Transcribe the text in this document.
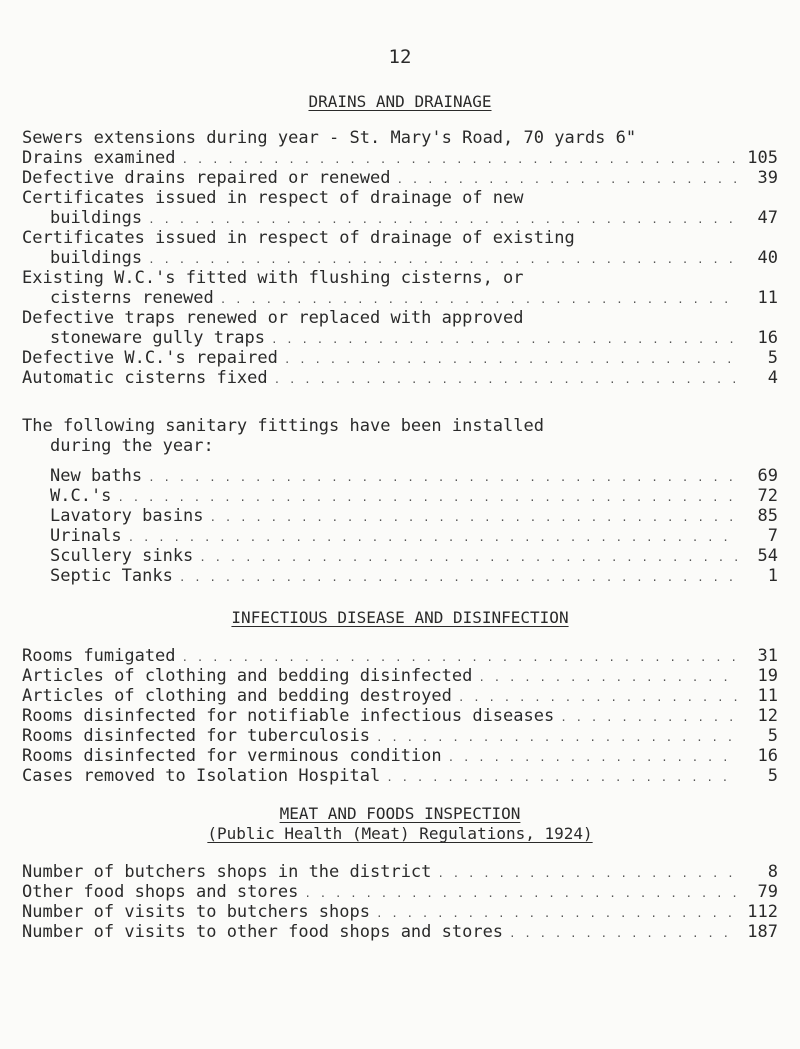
12
DRAINS AND DRAINAGE
Sewers extensions during year - St. Mary's Road, 70 yards 6"
Drains examined . . .	105
Defective drains repaired or renewed . . .	39
Certificates issued in respect of drainage of new
buildings . . .	47
Certificates issued in respect of drainage of existing
buildings . . .	40
Existing W.C.'s fitted with flushing cisterns, or
cisterns renewed . . .	11
Defective traps renewed or replaced with approved
stoneware gully traps . . .	16
Defective W.C.'s repaired . . .	5
Automatic cisterns fixed . . .	4
The following sanitary fittings have been installed
during the year:
New baths . . .	69
W.C.'s . . .	72
Lavatory basins . . .	85
Urinals . . .	7
Scullery sinks . . .	54
Septic Tanks . . .	1
INFECTIOUS DISEASE AND DISINFECTION
Rooms fumigated . . .	31
Articles of clothing and bedding disinfected . . .	19
Articles of clothing and bedding destroyed . . .	11
Rooms disinfected for notifiable infectious diseases . . .	12
Rooms disinfected for tuberculosis . . .	5
Rooms disinfected for verminous condition . . .	16
Cases removed to Isolation Hospital . . .	5
MEAT AND FOODS INSPECTION
(Public Health (Meat) Regulations, 1924)
Number of butchers shops in the district . . .	8
Other food shops and stores . . .	79
Number of visits to butchers shops . . .	112
Number of visits to other food shops and stores . . .	187
